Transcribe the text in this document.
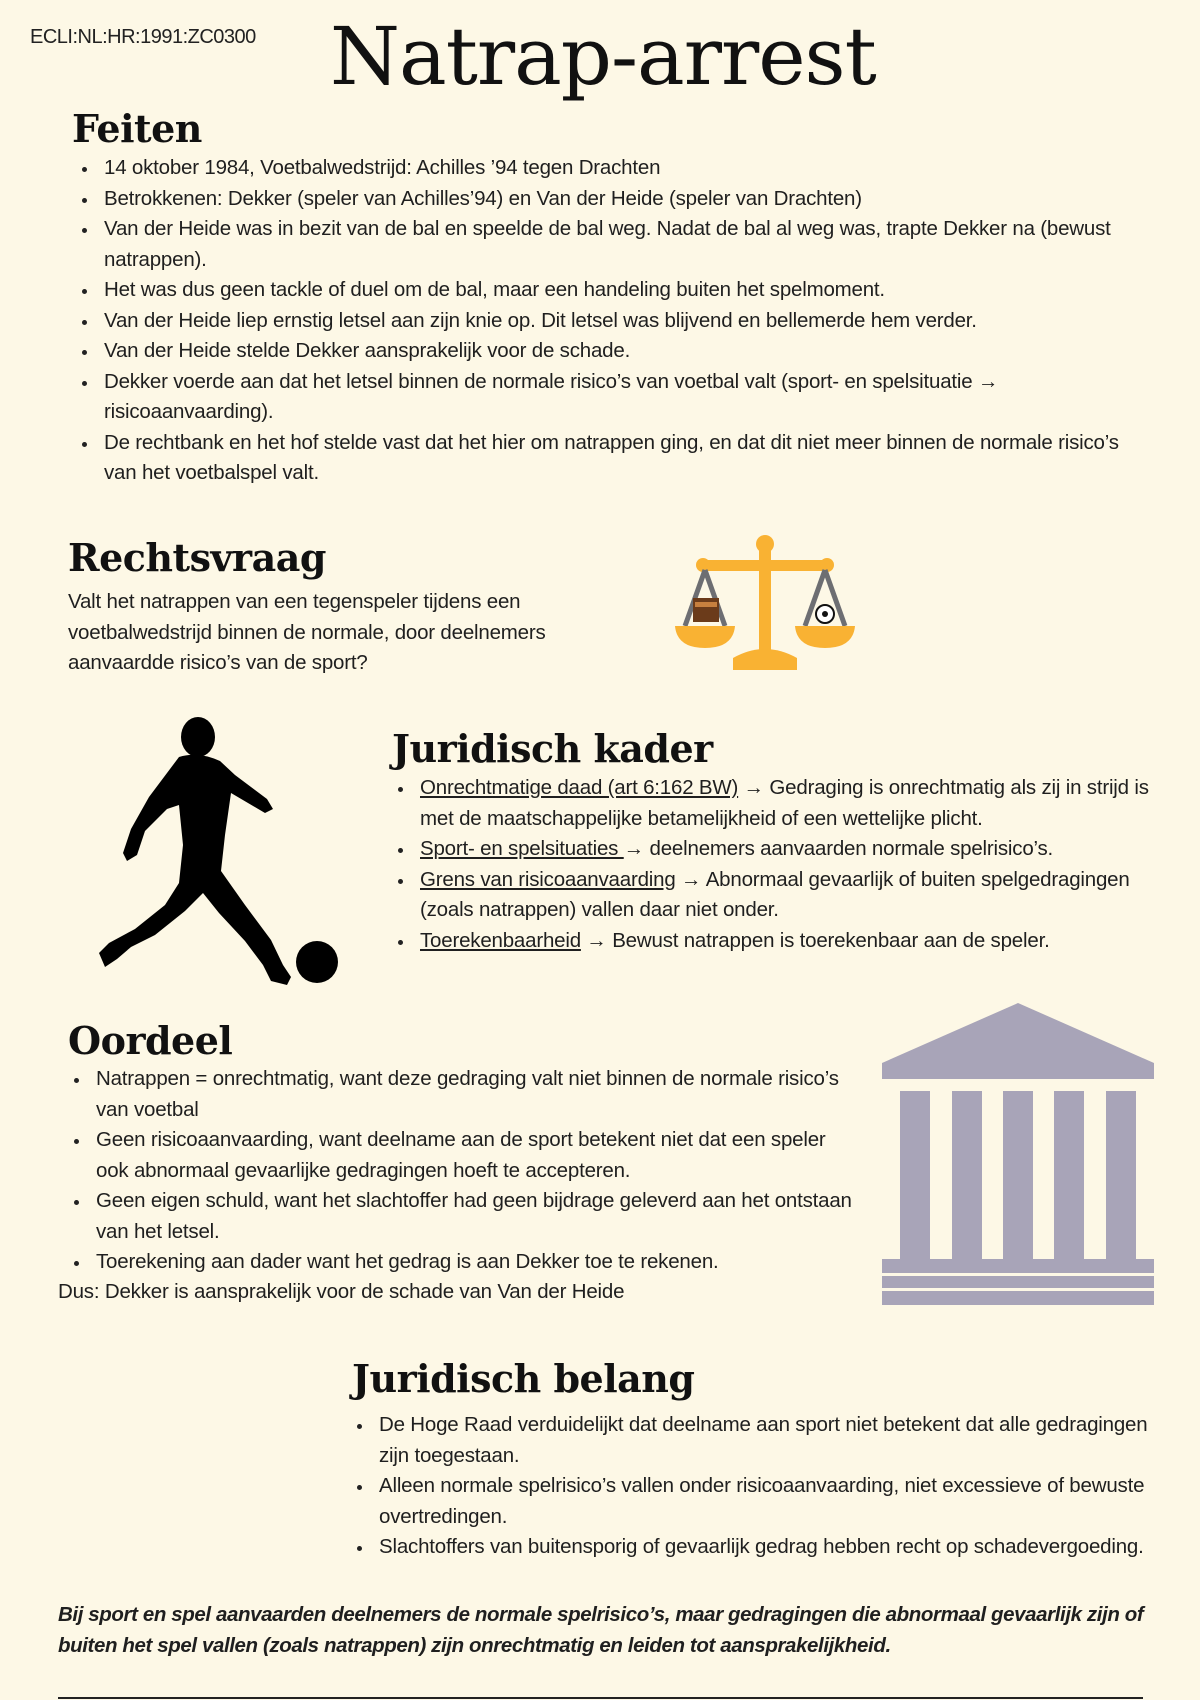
ECLI:NL:HR:1991:ZC0300 Natrap-arrest
Feiten
14 oktober 1984, Voetbalwedstrijd: Achilles ’94 tegen Drachten
Betrokkenen: Dekker (speler van Achilles’94) en Van der Heide (speler van Drachten)
Van der Heide was in bezit van de bal en speelde de bal weg. Nadat de bal al weg was, trapte Dekker na (bewust natrappen).
Het was dus geen tackle of duel om de bal, maar een handeling buiten het spelmoment.
Van der Heide liep ernstig letsel aan zijn knie op. Dit letsel was blijvend en bellemerde hem verder.
Van der Heide stelde Dekker aansprakelijk voor de schade.
Dekker voerde aan dat het letsel binnen de normale risico’s van voetbal valt (sport- en spelsituatie → risicoaanvaarding).
De rechtbank en het hof stelde vast dat het hier om natrappen ging, en dat dit niet meer binnen de normale risico’s van het voetbalspel valt.
Rechtsvraag
Valt het natrappen van een tegenspeler tijdens een voetbalwedstrijd binnen de normale, door deelnemers aanvaardde risico’s van de sport?
Juridisch kader
Onrechtmatige daad (art 6:162 BW) → Gedraging is onrechtmatig als zij in strijd is met de maatschappelijke betamelijkheid of een wettelijke plicht.
Sport- en spelsituaties → deelnemers aanvaarden normale spelrisico’s.
Grens van risicoaanvaarding → Abnormaal gevaarlijk of buiten spelgedragingen (zoals natrappen) vallen daar niet onder.
Toerekenbaarheid → Bewust natrappen is toerekenbaar aan de speler.
Oordeel
Natrappen = onrechtmatig, want deze gedraging valt niet binnen de normale risico’s van voetbal
Geen risicoaanvaarding, want deelname aan de sport betekent niet dat een speler ook abnormaal gevaarlijke gedragingen hoeft te accepteren.
Geen eigen schuld, want het slachtoffer had geen bijdrage geleverd aan het ontstaan van het letsel.
Toerekening aan dader want het gedrag is aan Dekker toe te rekenen.
Dus: Dekker is aansprakelijk voor de schade van Van der Heide
Juridisch belang
De Hoge Raad verduidelijkt dat deelname aan sport niet betekent dat alle gedragingen zijn toegestaan.
Alleen normale spelrisico’s vallen onder risicoaanvaarding, niet excessieve of bewuste overtredingen.
Slachtoffers van buitensporig of gevaarlijk gedrag hebben recht op schadevergoeding.
Bij sport en spel aanvaarden deelnemers de normale spelrisico’s, maar gedragingen die abnormaal gevaarlijk zijn of buiten het spel vallen (zoals natrappen) zijn onrechtmatig en leiden tot aansprakelijkheid.
